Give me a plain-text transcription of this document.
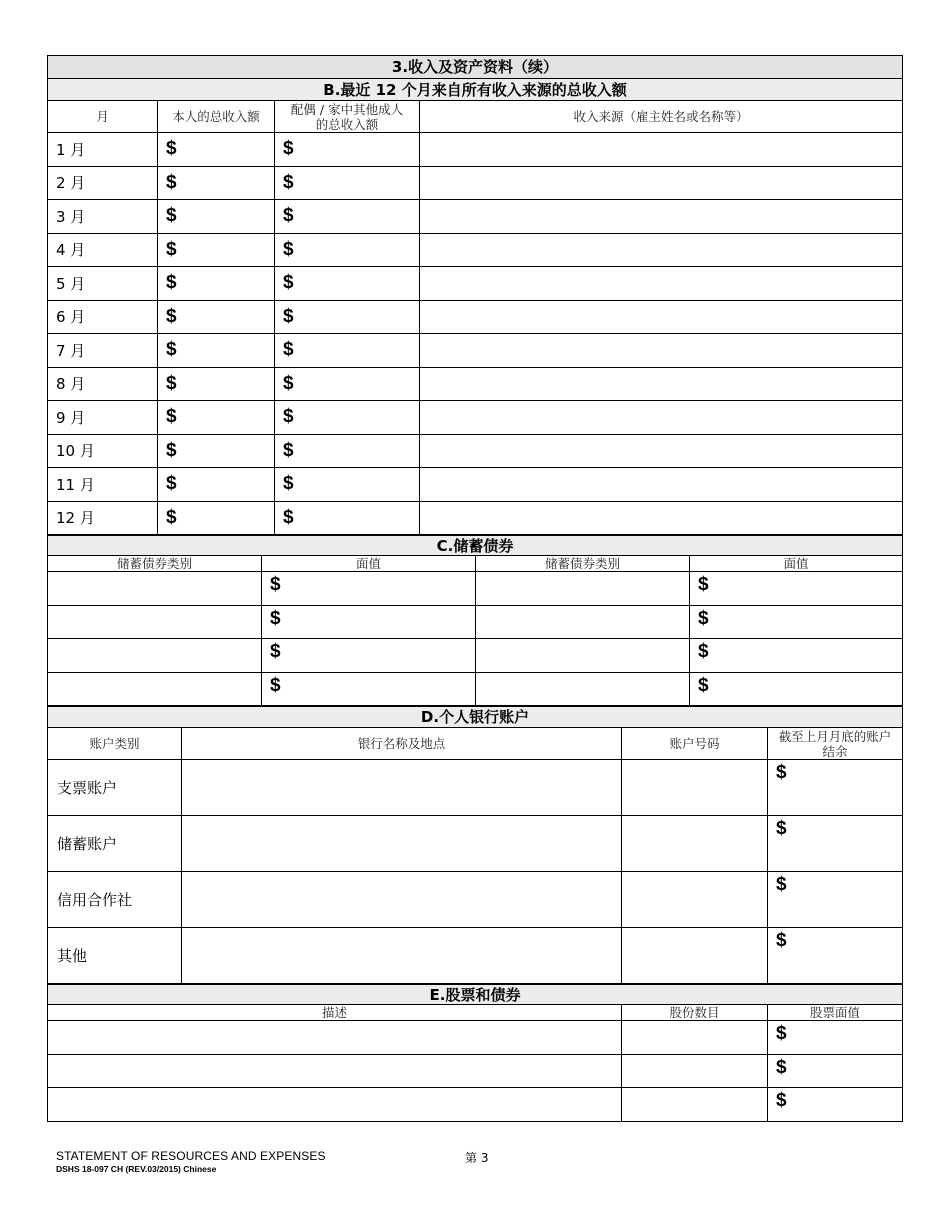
3.收入及资产资料（续）			
B.最近 12 个月来自所有收入来源的总收入额			
月	本人的总收入额	配偶 / 家中其他成人的总收入额	收入来源（雇主姓名或名称等）
1 月	$	$	
2 月	$	$	
3 月	$	$	
4 月	$	$	
5 月	$	$	
6 月	$	$	
7 月	$	$	
8 月	$	$	
9 月	$	$	
10 月	$	$	
11 月	$	$	
12 月	$	$	
C.储蓄债券			
储蓄债券类别	面值	储蓄债券类别	面值
	$		$
	$		$
	$		$
	$		$
D.个人银行账户			
账户类别	银行名称及地点	账户号码	截至上月月底的账户结余
支票账户			$
储蓄账户			$
信用合作社			$
其他			$
E.股票和债券		
描述	股份数目	股票面值
		$
		$
		$
STATEMENT OF RESOURCES AND EXPENSES
DSHS 18-097 CH (REV.03/2015) Chinese
第 3
